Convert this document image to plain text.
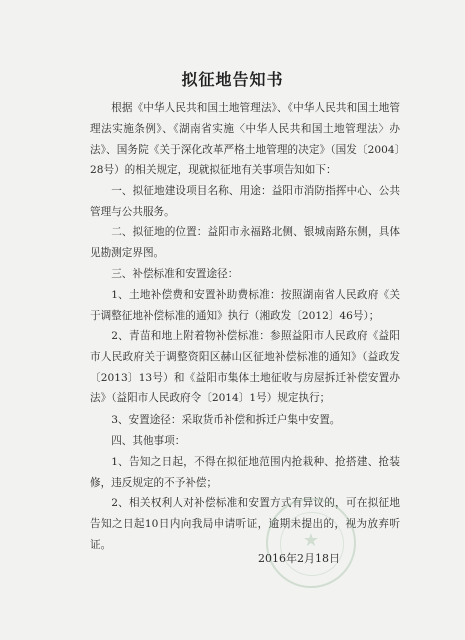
拟征地告知书
根据《中华人民共和国土地管理法》、《中华人民共和国土地管理法实施条例》、《湖南省实施〈中华人民共和国土地管理法〉办法》、国务院《关于深化改革严格土地管理的决定》（国发〔2004〕28号）的相关规定，现就拟征地有关事项告知如下：
一、拟征地建设项目名称、用途：益阳市消防指挥中心、公共管理与公共服务。
二、拟征地的位置：益阳市永福路北侧、银城南路东侧，具体见勘测定界图。
三、补偿标准和安置途径：
1、土地补偿费和安置补助费标准：按照湖南省人民政府《关于调整征地补偿标准的通知》执行（湘政发〔2012〕46号）；
2、青苗和地上附着物补偿标准：参照益阳市人民政府《益阳市人民政府关于调整资阳区赫山区征地补偿标准的通知》（益政发〔2013〕13号）和《益阳市集体土地征收与房屋拆迁补偿安置办法》（益阳市人民政府令〔2014〕1号）规定执行；
3、安置途径：采取货币补偿和拆迁户集中安置。
四、其他事项：
1、告知之日起，不得在拟征地范围内抢栽种、抢搭建、抢装修，违反规定的不予补偿；
2、相关权利人对补偿标准和安置方式有异议的，可在拟征地告知之日起10日内向我局申请听证，逾期未提出的，视为放弃听证。	★
2016年2月18日
